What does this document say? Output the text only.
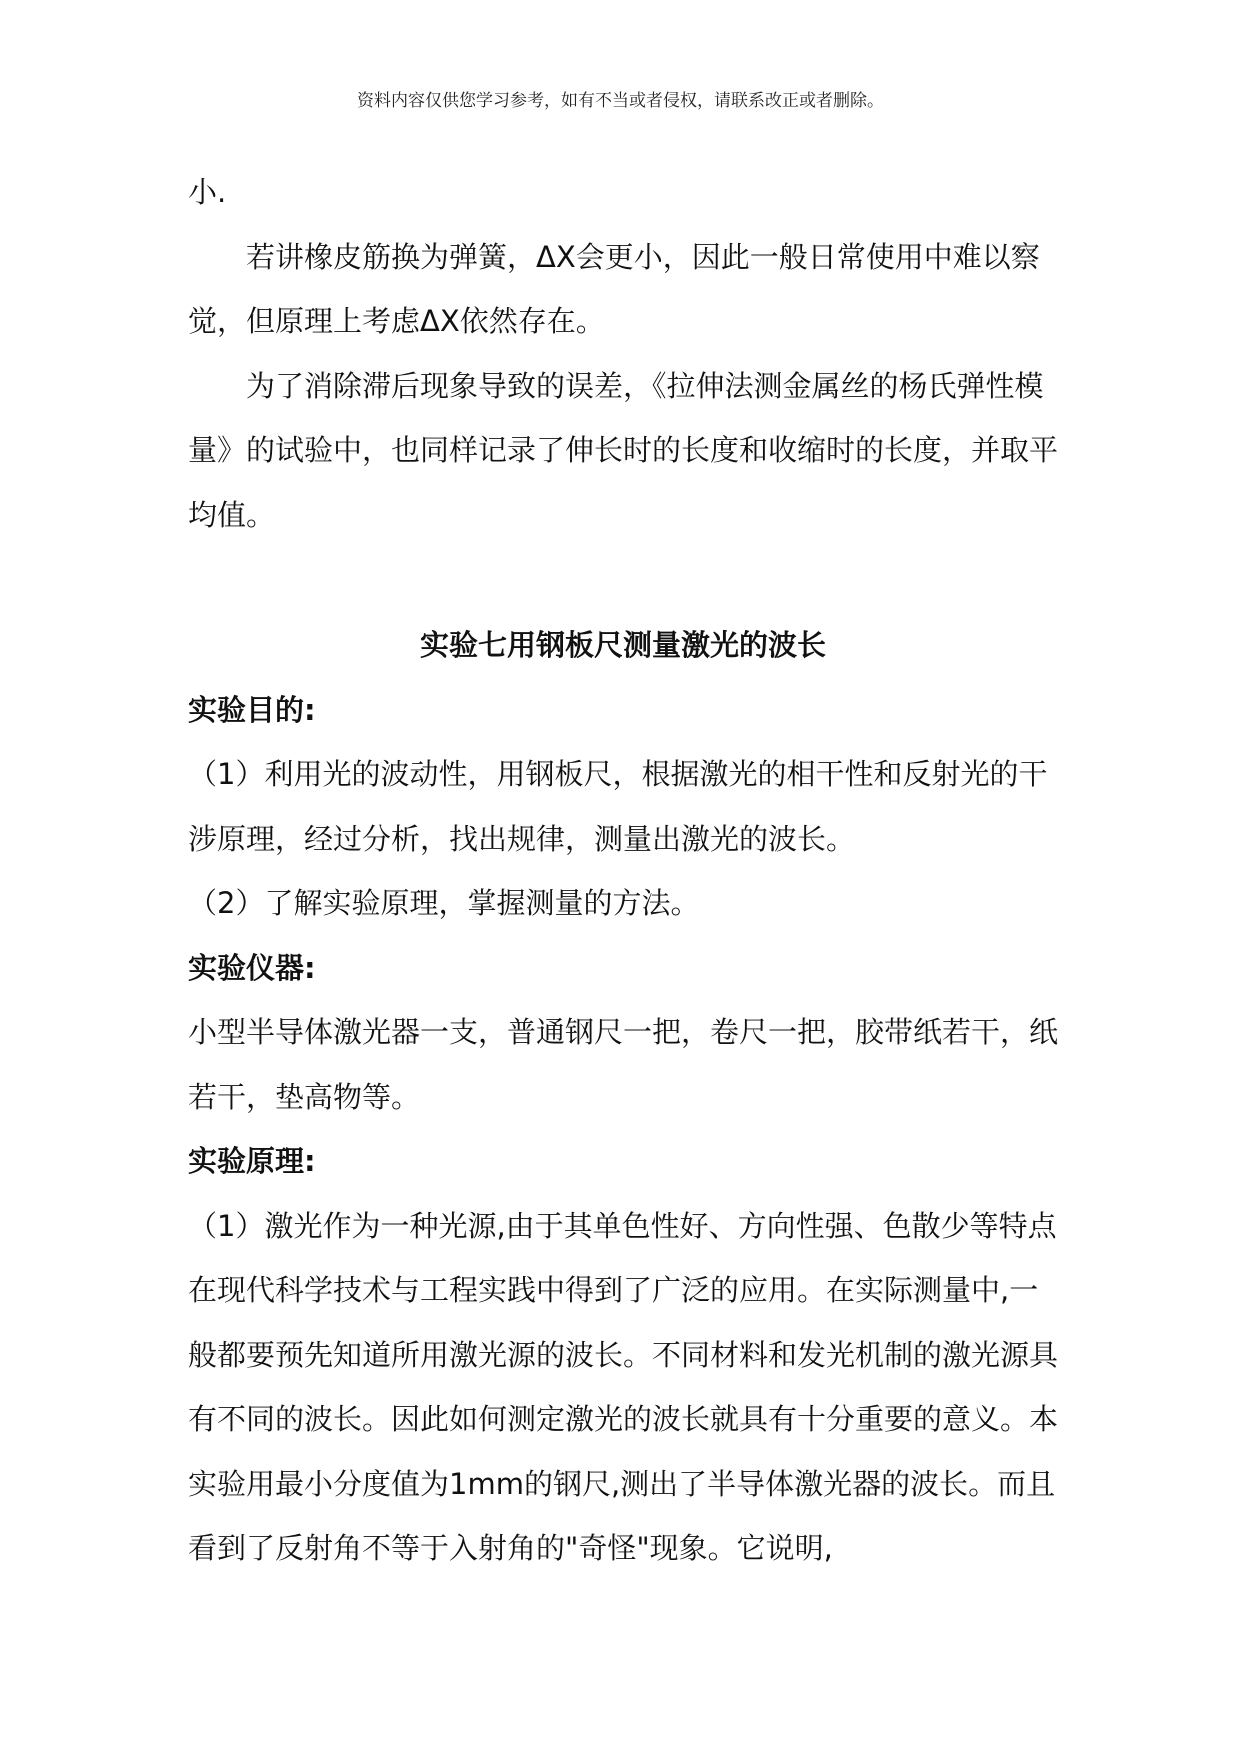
资料内容仅供您学习参考，如有不当或者侵权，请联系改正或者删除。

小.

若讲橡皮筋换为弹簧，ΔX会更小，因此一般日常使用中难以察觉，但原理上考虑ΔX依然存在。

为了消除滞后现象导致的误差，《拉伸法测金属丝的杨氏弹性模量》的试验中，也同样记录了伸长时的长度和收缩时的长度，并取平均值。

实验七用钢板尺测量激光的波长

实验目的:

（1）利用光的波动性，用钢板尺，根据激光的相干性和反射光的干涉原理，经过分析，找出规律，测量出激光的波长。

（2）了解实验原理，掌握测量的方法。

实验仪器:

小型半导体激光器一支，普通钢尺一把，卷尺一把，胶带纸若干，纸若干，垫高物等。

实验原理:

（1）激光作为一种光源,由于其单色性好、方向性强、色散少等特点在现代科学技术与工程实践中得到了广泛的应用。在实际测量中,一般都要预先知道所用激光源的波长。不同材料和发光机制的激光源具有不同的波长。因此如何测定激光的波长就具有十分重要的意义。本实验用最小分度值为1mm的钢尺,测出了半导体激光器的波长。而且看到了反射角不等于入射角的"奇怪"现象。它说明,
